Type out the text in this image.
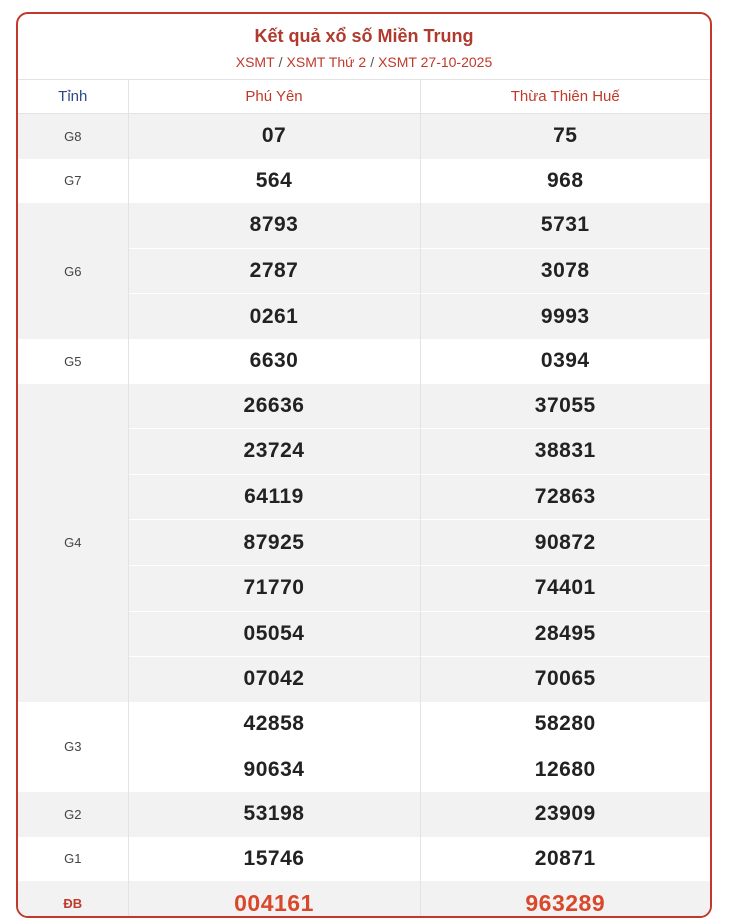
Kết quả xổ số Miền Trung
XSMT / XSMT Thứ 2 / XSMT 27-10-2025
Tỉnh	Phú Yên	Thừa Thiên Huế
G8	07	75
G7	564	968
G6	8793	5731
	2787	3078
	0261	9993
G5	6630	0394
G4	26636	37055
	23724	38831
	64119	72863
	87925	90872
	71770	74401
	05054	28495
	07042	70065
G3	42858	58280
	90634	12680
G2	53198	23909
G1	15746	20871
ĐB	004161	963289
